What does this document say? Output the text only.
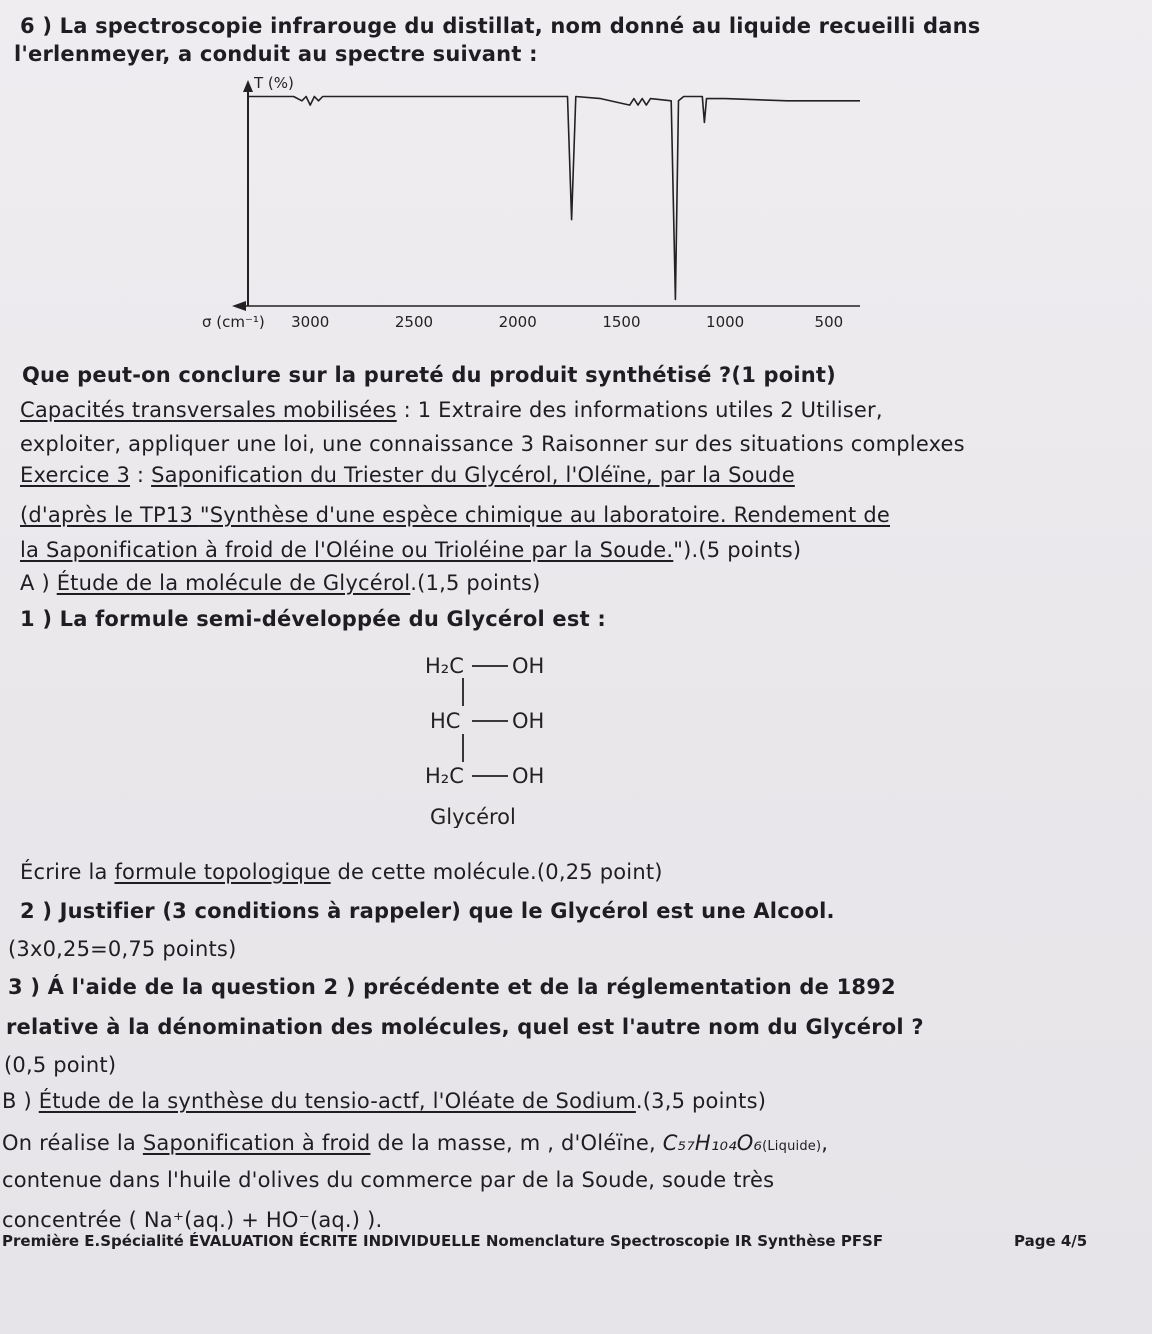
6 ) La spectroscopie infrarouge du distillat, nom donné au liquide recueilli dans
l'erlenmeyer, a conduit au spectre suivant :
T (%)
σ (cm⁻¹) 3000	2500	2000	1500	1000	500
Que peut-on conclure sur la pureté du produit synthétisé ?(1 point)
Capacités transversales mobilisées : 1 Extraire des informations utiles 2 Utiliser,
exploiter, appliquer une loi, une connaissance 3 Raisonner sur des situations complexes
Exercice 3 : Saponification du Triester du Glycérol, l'Oléïne, par la Soude
(d'après le TP13 "Synthèse d'une espèce chimique au laboratoire. Rendement de
la Saponification à froid de l'Oléine ou Trioléine par la Soude.").(5 points)
A ) Étude de la molécule de Glycérol.(1,5 points)
1 ) La formule semi-développée du Glycérol est :
H₂C OH
HC OH
H₂C OH
Glycérol
Écrire la formule topologique de cette molécule.(0,25 point)
2 ) Justifier (3 conditions à rappeler) que le Glycérol est une Alcool.
(3x0,25=0,75 points)
3 ) Á l'aide de la question 2 ) précédente et de la réglementation de 1892
relative à la dénomination des molécules, quel est l'autre nom du Glycérol ?
(0,5 point)
B ) Étude de la synthèse du tensio-actf, l'Oléate de Sodium.(3,5 points)
On réalise la Saponification à froid de la masse, m , d'Oléïne, C₅₇H₁₀₄O₆(Liquide),
contenue dans l'huile d'olives du commerce par de la Soude, soude très
concentrée ( Na⁺(aq.) + HO⁻(aq.) ).
Première E.Spécialité ÉVALUATION ÉCRITE INDIVIDUELLE Nomenclature Spectroscopie IR Synthèse PFSF	Page 4/5
